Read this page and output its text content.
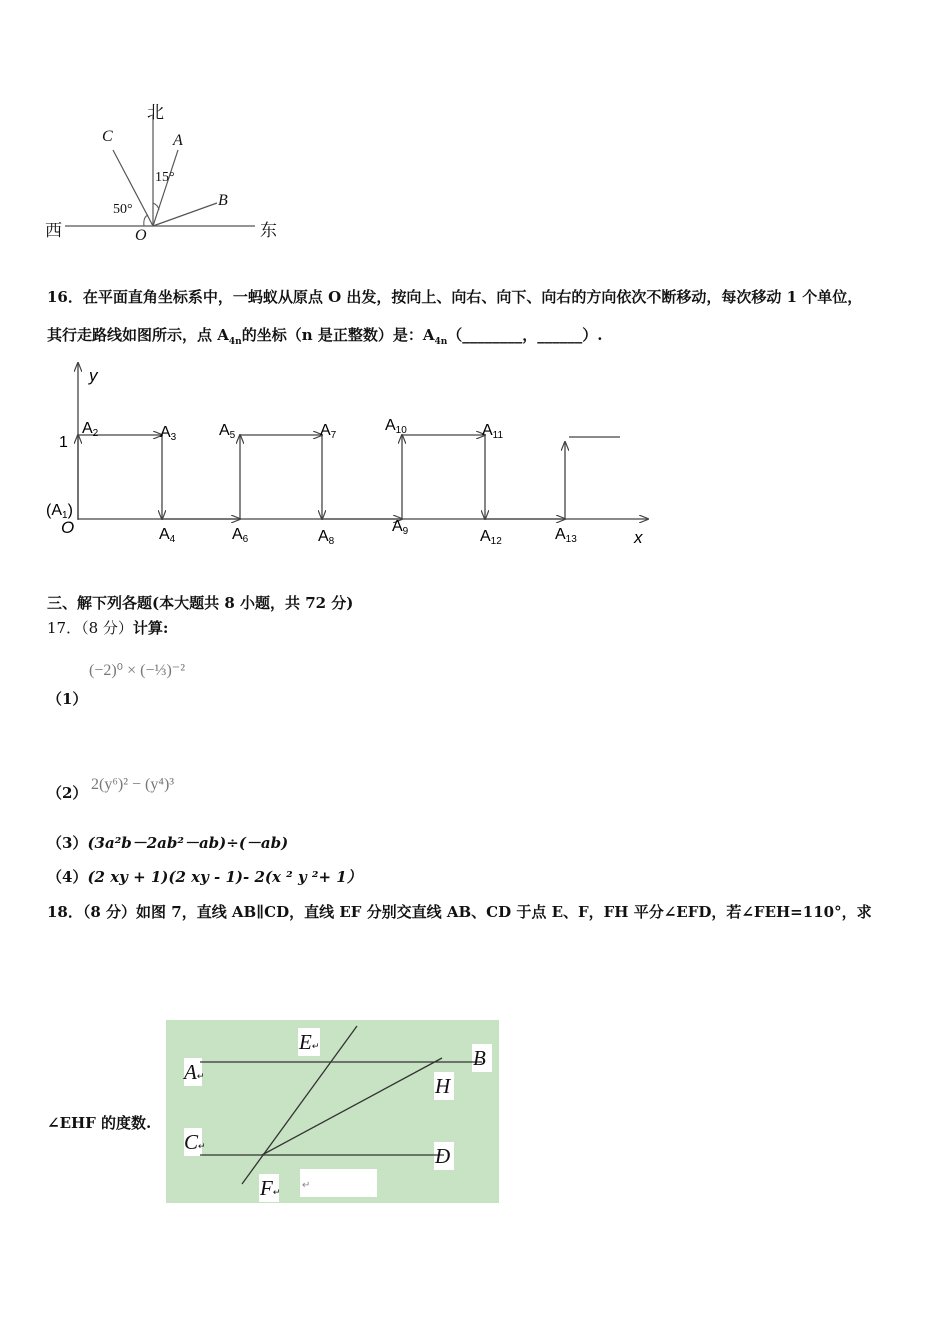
北
西	东
C	A
B
O
50°
15°
16．在平面直角坐标系中，一蚂蚁从原点 O 出发，按向上、向右、向下、向右的方向依次不断移动，每次移动 1 个单位，
其行走路线如图所示，点 $A_{4n}$的坐标（n 是正整数）是：$A_{4n}(\_\_\_\_\_\_\_\_$，______）.
y
x
1
O
(A1)
A2	A3
A4
A5
A6
A7
A8
A9
A10	A11
A12	A13
三、解下列各题(本大题共 8 小题，共 72 分)
17．（8 分）计算:
(−2)⁰ × (−⅓)⁻²
（1）
（2） 2(y⁶)² − (y⁴)³
（3）(3a²b－2ab²－ab)÷(－ab)
（4）(2 xy + 1)(2 xy - 1)- 2(x ² y ²+ 1）
18．（8 分）如图 7，直线 AB∥CD，直线 EF 分别交直线 AB、CD 于点 E、F，FH 平分∠EFD，若∠FEH=110°，求
∠EHF 的度数.
A↵
B
C↵	D
E↵
H
F↵
↵
